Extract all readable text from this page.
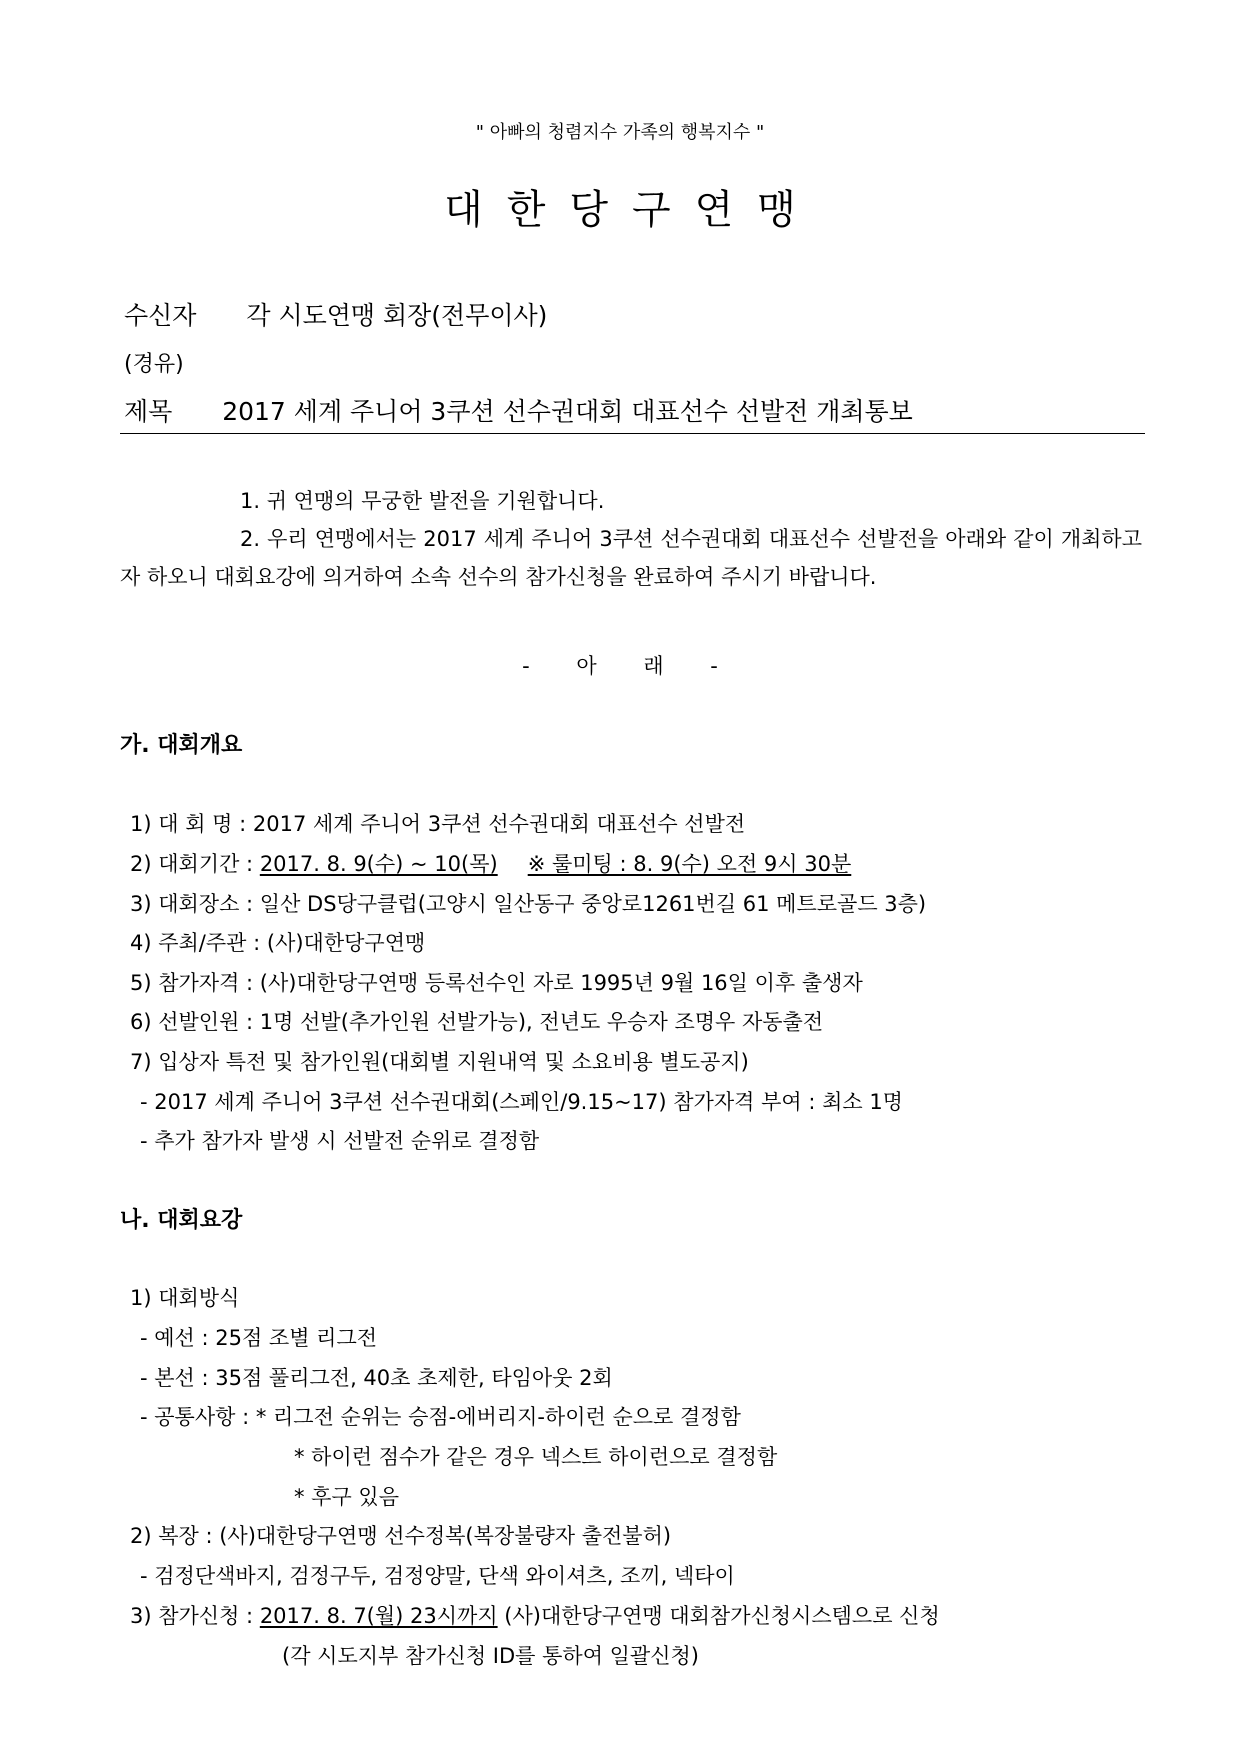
" 아빠의 청렴지수 가족의 행복지수 "
대한당구연맹
수신자 각 시도연맹 회장(전무이사)
(경유)
제목 2017 세계 주니어 3쿠션 선수권대회 대표선수 선발전 개최통보

1. 귀 연맹의 무궁한 발전을 기원합니다.

2. 우리 연맹에서는 2017 세계 주니어 3쿠션 선수권대회 대표선수 선발전을 아래와 같이 개최하고자 하오니 대회요강에 의거하여 소속 선수의 참가신청을 완료하여 주시기 바랍니다.

- 아 래 -
가. 대회개요
1) 대 회 명 : 2017 세계 주니어 3쿠션 선수권대회 대표선수 선발전
2) 대회기간 : 2017. 8. 9(수) ~ 10(목) ※ 룰미팅 : 8. 9(수) 오전 9시 30분
3) 대회장소 : 일산 DS당구클럽(고양시 일산동구 중앙로1261번길 61 메트로골드 3층)
4) 주최/주관 : (사)대한당구연맹
5) 참가자격 : (사)대한당구연맹 등록선수인 자로 1995년 9월 16일 이후 출생자
6) 선발인원 : 1명 선발(추가인원 선발가능), 전년도 우승자 조명우 자동출전
7) 입상자 특전 및 참가인원(대회별 지원내역 및 소요비용 별도공지)
- 2017 세계 주니어 3쿠션 선수권대회(스페인/9.15~17) 참가자격 부여 : 최소 1명
- 추가 참가자 발생 시 선발전 순위로 결정함
나. 대회요강
1) 대회방식
- 예선 : 25점 조별 리그전
- 본선 : 35점 풀리그전, 40초 초제한, 타임아웃 2회
- 공통사항 : * 리그전 순위는 승점-에버리지-하이런 순으로 결정함
* 하이런 점수가 같은 경우 넥스트 하이런으로 결정함
* 후구 있음
2) 복장 : (사)대한당구연맹 선수정복(복장불량자 출전불허)
- 검정단색바지, 검정구두, 검정양말, 단색 와이셔츠, 조끼, 넥타이
3) 참가신청 : 2017. 8. 7(월) 23시까지 (사)대한당구연맹 대회참가신청시스템으로 신청
(각 시도지부 참가신청 ID를 통하여 일괄신청)
